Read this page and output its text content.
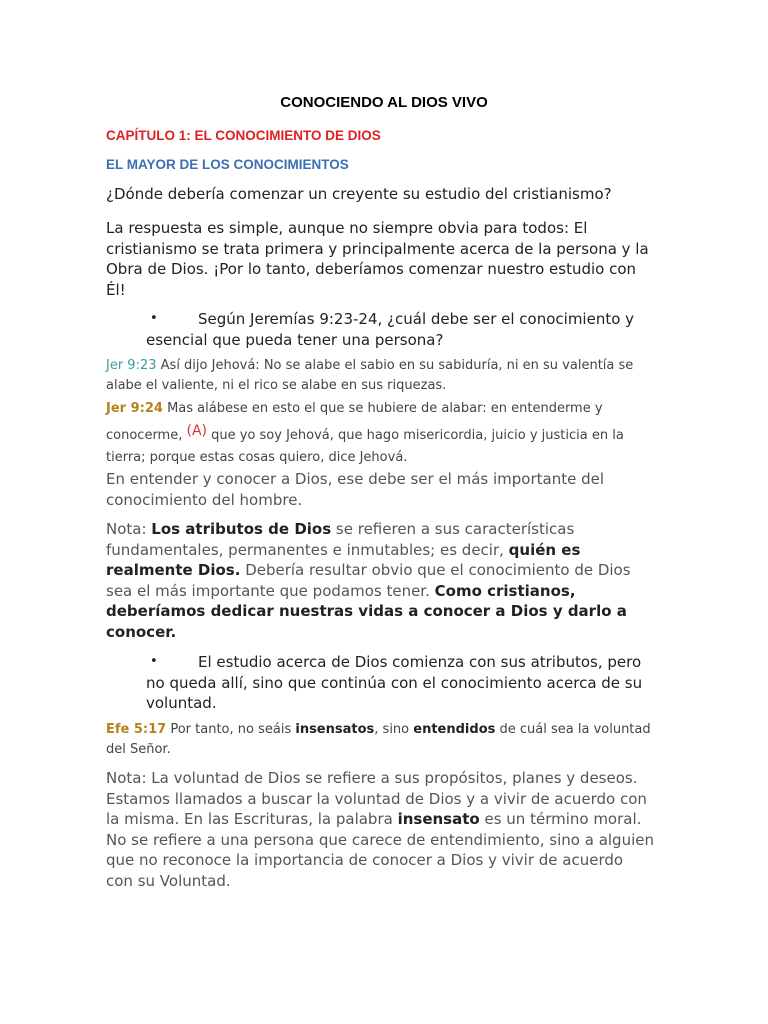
CONOCIENDO AL DIOS VIVO
CAPÍTULO 1: EL CONOCIMIENTO DE DIOS
EL MAYOR DE LOS CONOCIMIENTOS
¿Dónde debería comenzar un creyente su estudio del cristianismo?
La respuesta es simple, aunque no siempre obvia para todos: El cristianismo se trata primera y principalmente acerca de la persona y la Obra de Dios. ¡Por lo tanto, deberíamos comenzar nuestro estudio con Él!
•	Según Jeremías 9:23-24, ¿cuál debe ser el conocimiento y esencial que pueda tener una persona?

Jer 9:23 Así dijo Jehová: No se alabe el sabio en su sabiduría, ni en su valentía se alabe el valiente, ni el rico se alabe en sus riquezas.
Jer 9:24 Mas alábese en esto el que se hubiere de alabar: en entenderme y conocerme, (A) que yo soy Jehová, que hago misericordia, juicio y justicia en la tierra; porque estas cosas quiero, dice Jehová.
En entender y conocer a Dios, ese debe ser el más importante del conocimiento del hombre.
Nota: Los atributos de Dios se refieren a sus características fundamentales, permanentes e inmutables; es decir, quién es realmente Dios. Debería resultar obvio que el conocimiento de Dios sea el más importante que podamos tener. Como cristianos, deberíamos dedicar nuestras vidas a conocer a Dios y darlo a conocer.
•	El estudio acerca de Dios comienza con sus atributos, pero no queda allí, sino que continúa con el conocimiento acerca de su voluntad.

Efe 5:17 Por tanto, no seáis insensatos, sino entendidos de cuál sea la voluntad del Señor.
Nota: La voluntad de Dios se refiere a sus propósitos, planes y deseos. Estamos llamados a buscar la voluntad de Dios y a vivir de acuerdo con la misma. En las Escrituras, la palabra insensato es un término moral. No se refiere a una persona que carece de entendimiento, sino a alguien que no reconoce la importancia de conocer a Dios y vivir de acuerdo con su Voluntad.
